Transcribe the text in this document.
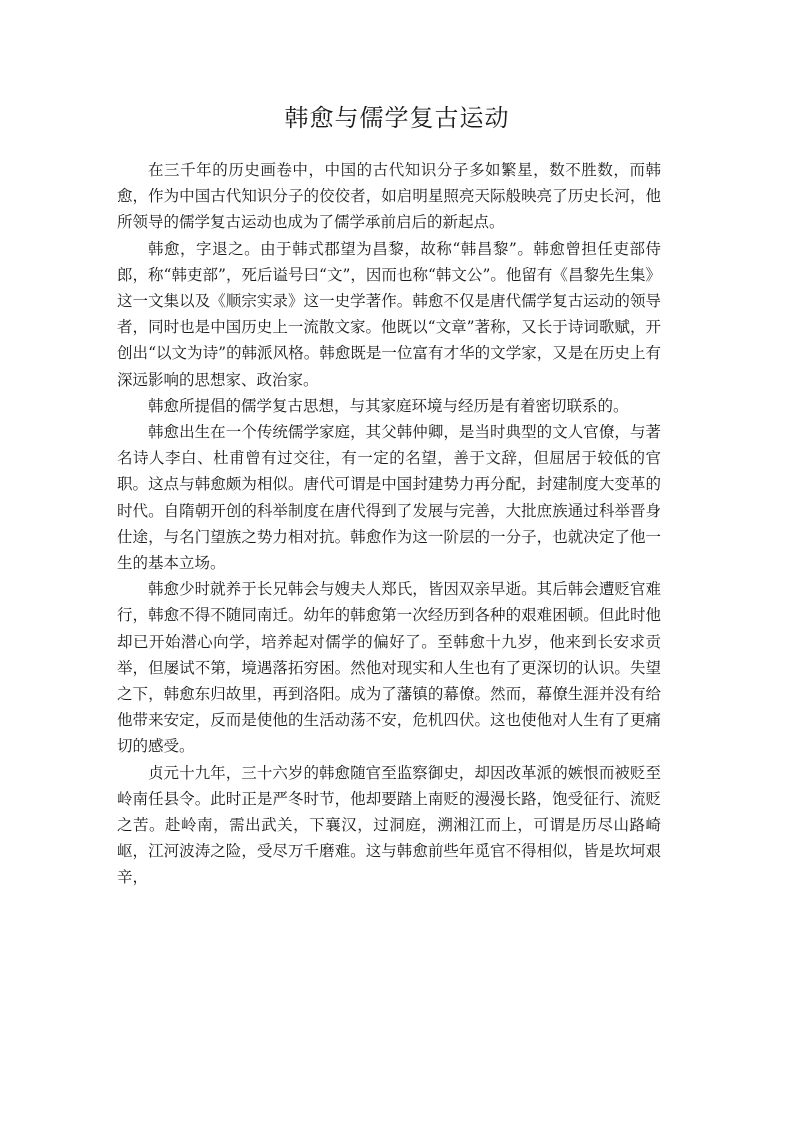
韩愈与儒学复古运动

在三千年的历史画卷中，中国的古代知识分子多如繁星，数不胜数，而韩愈，作为中国古代知识分子的佼佼者，如启明星照亮天际般映亮了历史长河，他所领导的儒学复古运动也成为了儒学承前启后的新起点。

韩愈，字退之。由于韩式郡望为昌黎，故称“韩昌黎”。韩愈曾担任吏部侍郎，称“韩吏部”，死后谥号曰“文”，因而也称“韩文公”。他留有《昌黎先生集》这一文集以及《顺宗实录》这一史学著作。韩愈不仅是唐代儒学复古运动的领导者，同时也是中国历史上一流散文家。他既以“文章”著称，又长于诗词歌赋，开创出“以文为诗”的韩派风格。韩愈既是一位富有才华的文学家，又是在历史上有深远影响的思想家、政治家。

韩愈所提倡的儒学复古思想，与其家庭环境与经历是有着密切联系的。

韩愈出生在一个传统儒学家庭，其父韩仲卿，是当时典型的文人官僚，与著名诗人李白、杜甫曾有过交往，有一定的名望，善于文辞，但屈居于较低的官职。这点与韩愈颇为相似。唐代可谓是中国封建势力再分配，封建制度大变革的时代。自隋朝开创的科举制度在唐代得到了发展与完善，大批庶族通过科举晋身仕途，与名门望族之势力相对抗。韩愈作为这一阶层的一分子，也就决定了他一生的基本立场。

韩愈少时就养于长兄韩会与嫂夫人郑氏，皆因双亲早逝。其后韩会遭贬官难行，韩愈不得不随同南迁。幼年的韩愈第一次经历到各种的艰难困顿。但此时他却已开始潜心向学，培养起对儒学的偏好了。至韩愈十九岁，他来到长安求贡举，但屡试不第，境遇落拓穷困。然他对现实和人生也有了更深切的认识。失望之下，韩愈东归故里，再到洛阳。成为了藩镇的幕僚。然而，幕僚生涯并没有给他带来安定，反而是使他的生活动荡不安，危机四伏。这也使他对人生有了更痛切的感受。

贞元十九年，三十六岁的韩愈随官至监察御史，却因改革派的嫉恨而被贬至岭南任县令。此时正是严冬时节，他却要踏上南贬的漫漫长路，饱受征行、流贬之苦。赴岭南，需出武关，下襄汉，过洞庭，溯湘江而上，可谓是历尽山路崎岖，江河波涛之险，受尽万千磨难。这与韩愈前些年觅官不得相似，皆是坎坷艰辛，
